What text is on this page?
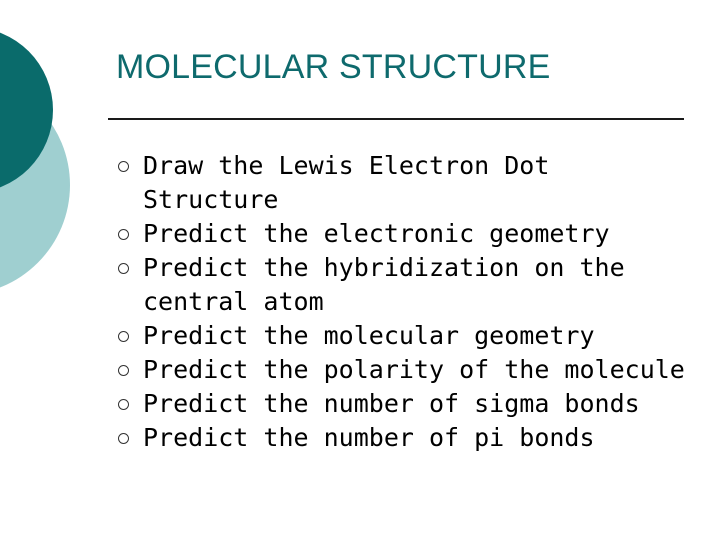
MOLECULAR STRUCTURE
Draw the Lewis Electron Dot Structure
Predict the electronic geometry
Predict the hybridization on the central atom
Predict the molecular geometry
Predict the polarity of the molecule
Predict the number of sigma bonds
Predict the number of pi bonds
